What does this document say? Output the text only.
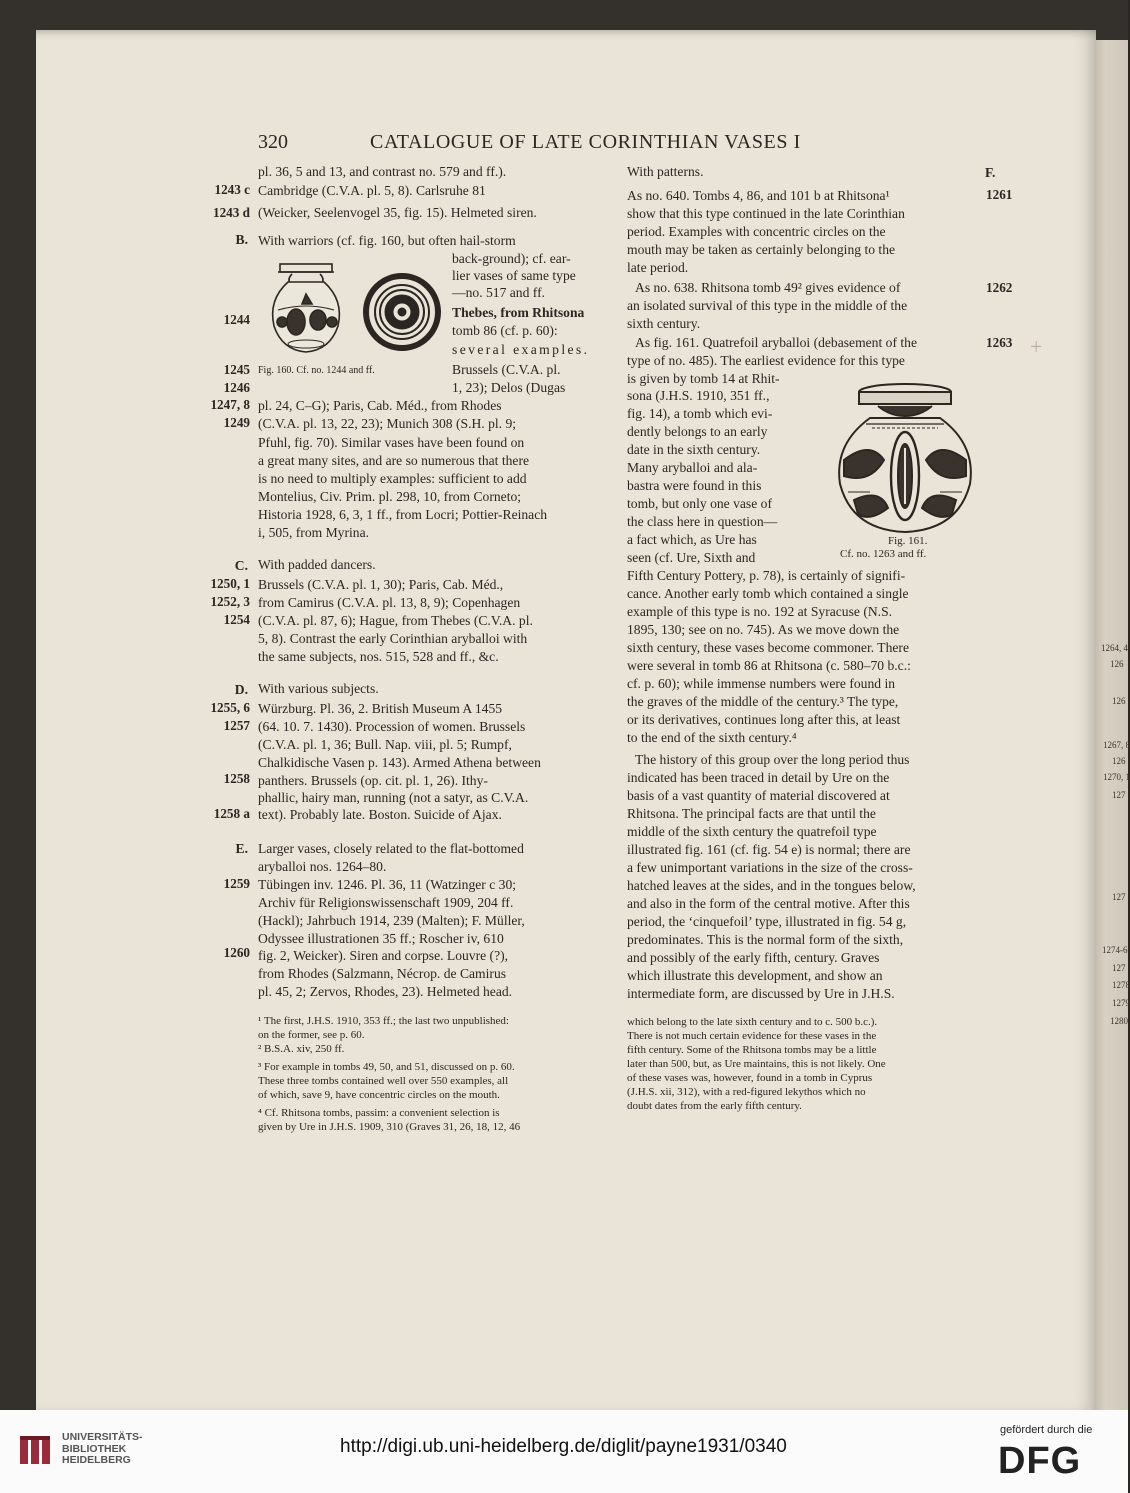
1264, 4
126
126
1267, 8
126
1270, 1
127
127
1274-6
127
1278
1279
1280
320	CATALOGUE OF LATE CORINTHIAN VASES I
1243 c
1243 d
1244
1245
1246
1247, 8
1249
1250, 1
1252, 3
1254
1255, 6
1257
1258
1258 a
1259
1260
B.
C.
D.
E.
pl. 36, 5 and 13, and contrast no. 579 and ff.).
Cambridge (C.V.A. pl. 5, 8). Carlsruhe 81
(Weicker, Seelenvogel 35, fig. 15). Helmeted siren.
With warriors (cf. fig. 160, but often hail-storm
back-ground); cf. ear-
lier vases of same type
—no. 517 and ff.
Thebes, from Rhitsona
tomb 86 (cf. p. 60):
several examples.
Brussels (C.V.A. pl.
1, 23); Delos (Dugas
pl. 24, C–G); Paris, Cab. Méd., from Rhodes
(C.V.A. pl. 13, 22, 23); Munich 308 (S.H. pl. 9;
Pfuhl, fig. 70). Similar vases have been found on
a great many sites, and are so numerous that there
is no need to multiply examples: sufficient to add
Montelius, Civ. Prim. pl. 298, 10, from Corneto;
Historia 1928, 6, 3, 1 ff., from Locri; Pottier-Reinach
i, 505, from Myrina.
With padded dancers.
Brussels (C.V.A. pl. 1, 30); Paris, Cab. Méd.,
from Camirus (C.V.A. pl. 13, 8, 9); Copenhagen
(C.V.A. pl. 87, 6); Hague, from Thebes (C.V.A. pl.
5, 8). Contrast the early Corinthian aryballoi with
the same subjects, nos. 515, 528 and ff., &c.
With various subjects.
Würzburg. Pl. 36, 2. British Museum A 1455
(64. 10. 7. 1430). Procession of women. Brussels
(C.V.A. pl. 1, 36; Bull. Nap. viii, pl. 5; Rumpf,
Chalkidische Vasen p. 143). Armed Athena between
panthers. Brussels (op. cit. pl. 1, 26). Ithy-
phallic, hairy man, running (not a satyr, as C.V.A.
text). Probably late. Boston. Suicide of Ajax.
Larger vases, closely related to the flat-bottomed
aryballoi nos. 1264–80.
Tübingen inv. 1246. Pl. 36, 11 (Watzinger c 30;
Archiv für Religionswissenschaft 1909, 204 ff.
(Hackl); Jahrbuch 1914, 239 (Malten); F. Müller,
Odyssee illustrationen 35 ff.; Roscher iv, 610
fig. 2, Weicker). Siren and corpse. Louvre (?),
from Rhodes (Salzmann, Nécrop. de Camirus
pl. 45, 2; Zervos, Rhodes, 23). Helmeted head.
Fig. 160. Cf. no. 1244 and ff.
¹ The first, J.H.S. 1910, 353 ff.; the last two unpublished:
on the former, see p. 60.
² B.S.A. xiv, 250 ff.
³ For example in tombs 49, 50, and 51, discussed on p. 60.
These three tombs contained well over 550 examples, all
of which, save 9, have concentric circles on the mouth.
⁴ Cf. Rhitsona tombs, passim: a convenient selection is
given by Ure in J.H.S. 1909, 310 (Graves 31, 26, 18, 12, 46
F.
1261
1262
1263 +
With patterns.
As no. 640. Tombs 4, 86, and 101 b at Rhitsona¹
show that this type continued in the late Corinthian
period. Examples with concentric circles on the
mouth may be taken as certainly belonging to the
late period.
As no. 638. Rhitsona tomb 49² gives evidence of
an isolated survival of this type in the middle of the
sixth century.
As fig. 161. Quatrefoil aryballoi (debasement of the
type of no. 485). The earliest evidence for this type
is given by tomb 14 at Rhit-
sona (J.H.S. 1910, 351 ff.,
fig. 14), a tomb which evi-
dently belongs to an early
date in the sixth century.
Many aryballoi and ala-
bastra were found in this
tomb, but only one vase of
the class here in question—
a fact which, as Ure has
seen (cf. Ure, Sixth and
Fifth Century Pottery, p. 78), is certainly of signifi-
cance. Another early tomb which contained a single
example of this type is no. 192 at Syracuse (N.S.
1895, 130; see on no. 745). As we move down the
sixth century, these vases become commoner. There
were several in tomb 86 at Rhitsona (c. 580–70 b.c.:
cf. p. 60); while immense numbers were found in
the graves of the middle of the century.³ The type,
or its derivatives, continues long after this, at least
to the end of the sixth century.⁴
The history of this group over the long period thus
indicated has been traced in detail by Ure on the
basis of a vast quantity of material discovered at
Rhitsona. The principal facts are that until the
middle of the sixth century the quatrefoil type
illustrated fig. 161 (cf. fig. 54 e) is normal; there are
a few unimportant variations in the size of the cross-
hatched leaves at the sides, and in the tongues below,
and also in the form of the central motive. After this
period, the ‘cinquefoil’ type, illustrated in fig. 54 g,
predominates. This is the normal form of the sixth,
and possibly of the early fifth, century. Graves
which illustrate this development, and show an
intermediate form, are discussed by Ure in J.H.S.
Fig. 161.
Cf. no. 1263 and ff.
which belong to the late sixth century and to c. 500 b.c.).
There is not much certain evidence for these vases in the
fifth century. Some of the Rhitsona tombs may be a little
later than 500, but, as Ure maintains, this is not likely. One
of these vases was, however, found in a tomb in Cyprus
(J.H.S. xii, 312), with a red-figured lekythos which no
doubt dates from the early fifth century.
UNIVERSITÄTS-
BIBLIOTHEK
HEIDELBERG
http://digi.ub.uni-heidelberg.de/diglit/payne1931/0340
gefördert durch die
DFG
